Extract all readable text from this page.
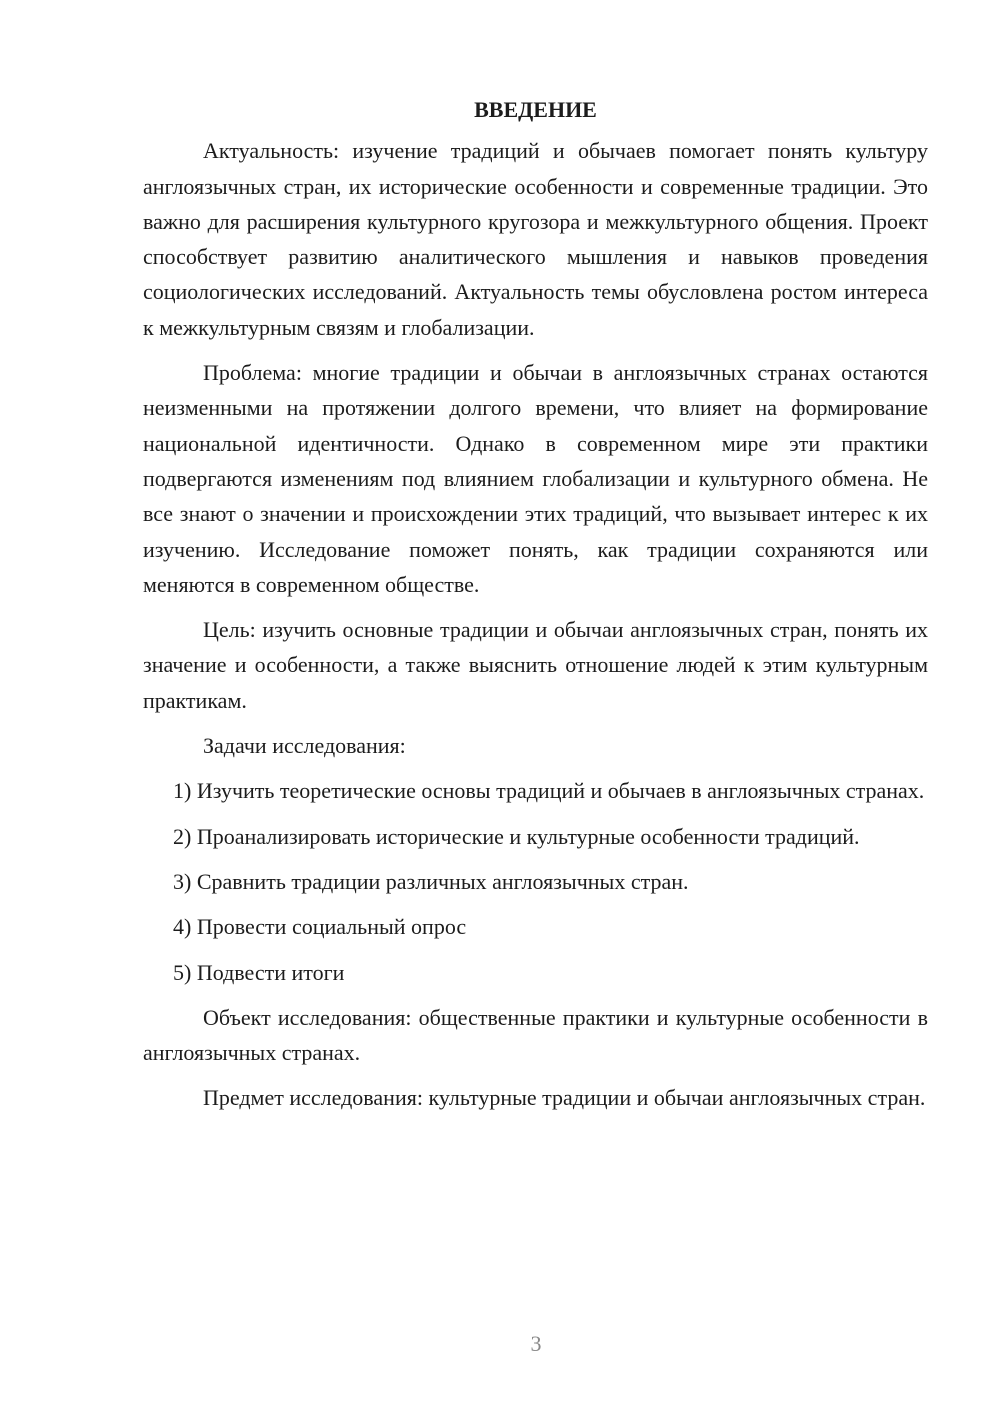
ВВЕДЕНИЕ

Актуальность: изучение традиций и обычаев помогает понять культуру англоязычных стран, их исторические особенности и современные традиции. Это важно для расширения культурного кругозора и межкультурного общения. Проект способствует развитию аналитического мышления и навыков проведения социологических исследований. Актуальность темы обусловлена ростом интереса к межкультурным связям и глобализации.

Проблема: многие традиции и обычаи в англоязычных странах остаются неизменными на протяжении долгого времени, что влияет на формирование национальной идентичности. Однако в современном мире эти практики подвергаются изменениям под влиянием глобализации и культурного обмена. Не все знают о значении и происхождении этих традиций, что вызывает интерес к их изучению. Исследование поможет понять, как традиции сохраняются или меняются в современном обществе.

Цель: изучить основные традиции и обычаи англоязычных стран, понять их значение и особенности, а также выяснить отношение людей к этим культурным практикам.

Задачи исследования:

1) Изучить теоретические основы традиций и обычаев в англоязычных странах.

2) Проанализировать исторические и культурные особенности традиций.

3) Сравнить традиции различных англоязычных стран.

4) Провести социальный опрос

5) Подвести итоги

Объект исследования: общественные практики и культурные особенности в англоязычных странах.

Предмет исследования: культурные традиции и обычаи англоязычных стран.

3
